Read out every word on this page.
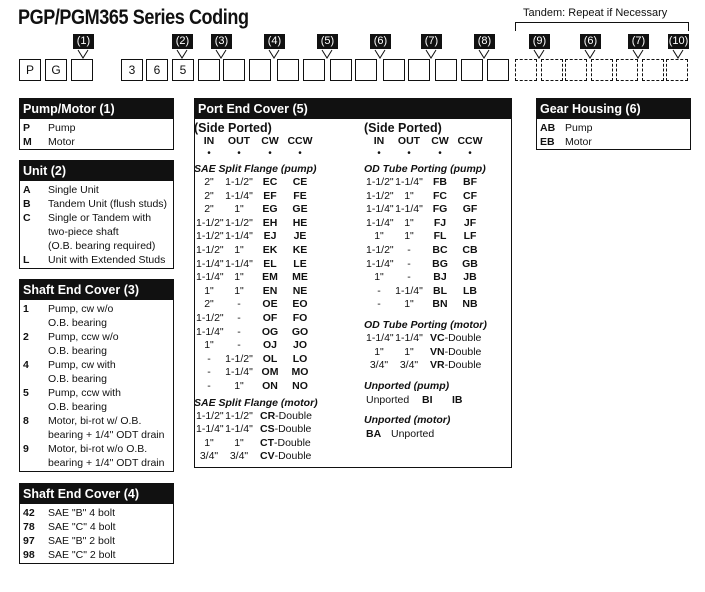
PGP/PGM365 Series Coding	Tandem: Repeat if Necessary
(1)	(2)	(3)	(4)	(5)	(6)	(7)	(8)	(9)	(6)	(7)	(10)
P	G	3	6	5
Pump/Motor (1)
P	Pump
M	Motor
Unit (2)
A	Single Unit
B	Tandem Unit (flush studs)
C	Single or Tandem with
two-piece shaft
(O.B. bearing required)
L	Unit with Extended Studs
Shaft End Cover (3)
1	Pump, cw w/o
O.B. bearing
2	Pump, ccw w/o
O.B. bearing
4	Pump, cw with
O.B. bearing
5	Pump, ccw with
O.B. bearing
8	Motor, bi-rot w/ O.B.
bearing + 1/4" ODT drain
9	Motor, bi-rot w/o O.B.
bearing + 1/4" ODT drain
Shaft End Cover (4)
42	SAE "B" 4 bolt
78	SAE "C" 4 bolt
97	SAE "B" 2 bolt
98	SAE "C" 2 bolt
Port End Cover (5)
(Side Ported)
IN	OUT	CW CCW
•	•	•	•
SAE Split Flange (pump)
2"	1-1/2" EC	CE
2"	1-1/4" EF	FE
2"	1"	EG	GE
1-1/2" 1-1/2" EH	HE
1-1/2" 1-1/4"	EJ	JE
1-1/2"	1"	EK	KE
1-1/4" 1-1/4" EL	LE
1-1/4"	1"	EM	ME
1"	1"	EN	NE
2"	-	OE	EO
1-1/2"	-	OF	FO
1-1/4"	-	OG	GO
1"	-	OJ	JO
-	1-1/2" OL	LO
-	1-1/4" OM	MO
-	1"	ON	NO
SAE Split Flange (motor)
1-1/2" 1-1/2" CR -Double
1-1/4" 1-1/4" CS -Double
1"	1"	CT -Double
3/4"	3/4"	CV -Double
(Side Ported)
IN	OUT	CW CCW
•	•	•	•
OD Tube Porting (pump)
1-1/2" 1-1/4" FB	BF
1-1/2"	1"	FC	CF
1-1/4" 1-1/4" FG	GF
1-1/4"	1"	FJ	JF
1"	1"	FL	LF
1-1/2"	-	BC	CB
1-1/4"	-	BG	GB
1"	-	BJ	JB
-	1-1/4" BL	LB
-	1"	BN	NB
OD Tube Porting (motor)
1-1/4" 1-1/4" VC -Double
1"	1"	VN -Double
3/4"	3/4"	VR -Double
Unported (pump)
Unported	BI	IB
Unported (motor)
BA Unported
Gear Housing (6)
AB Pump
EB Motor
